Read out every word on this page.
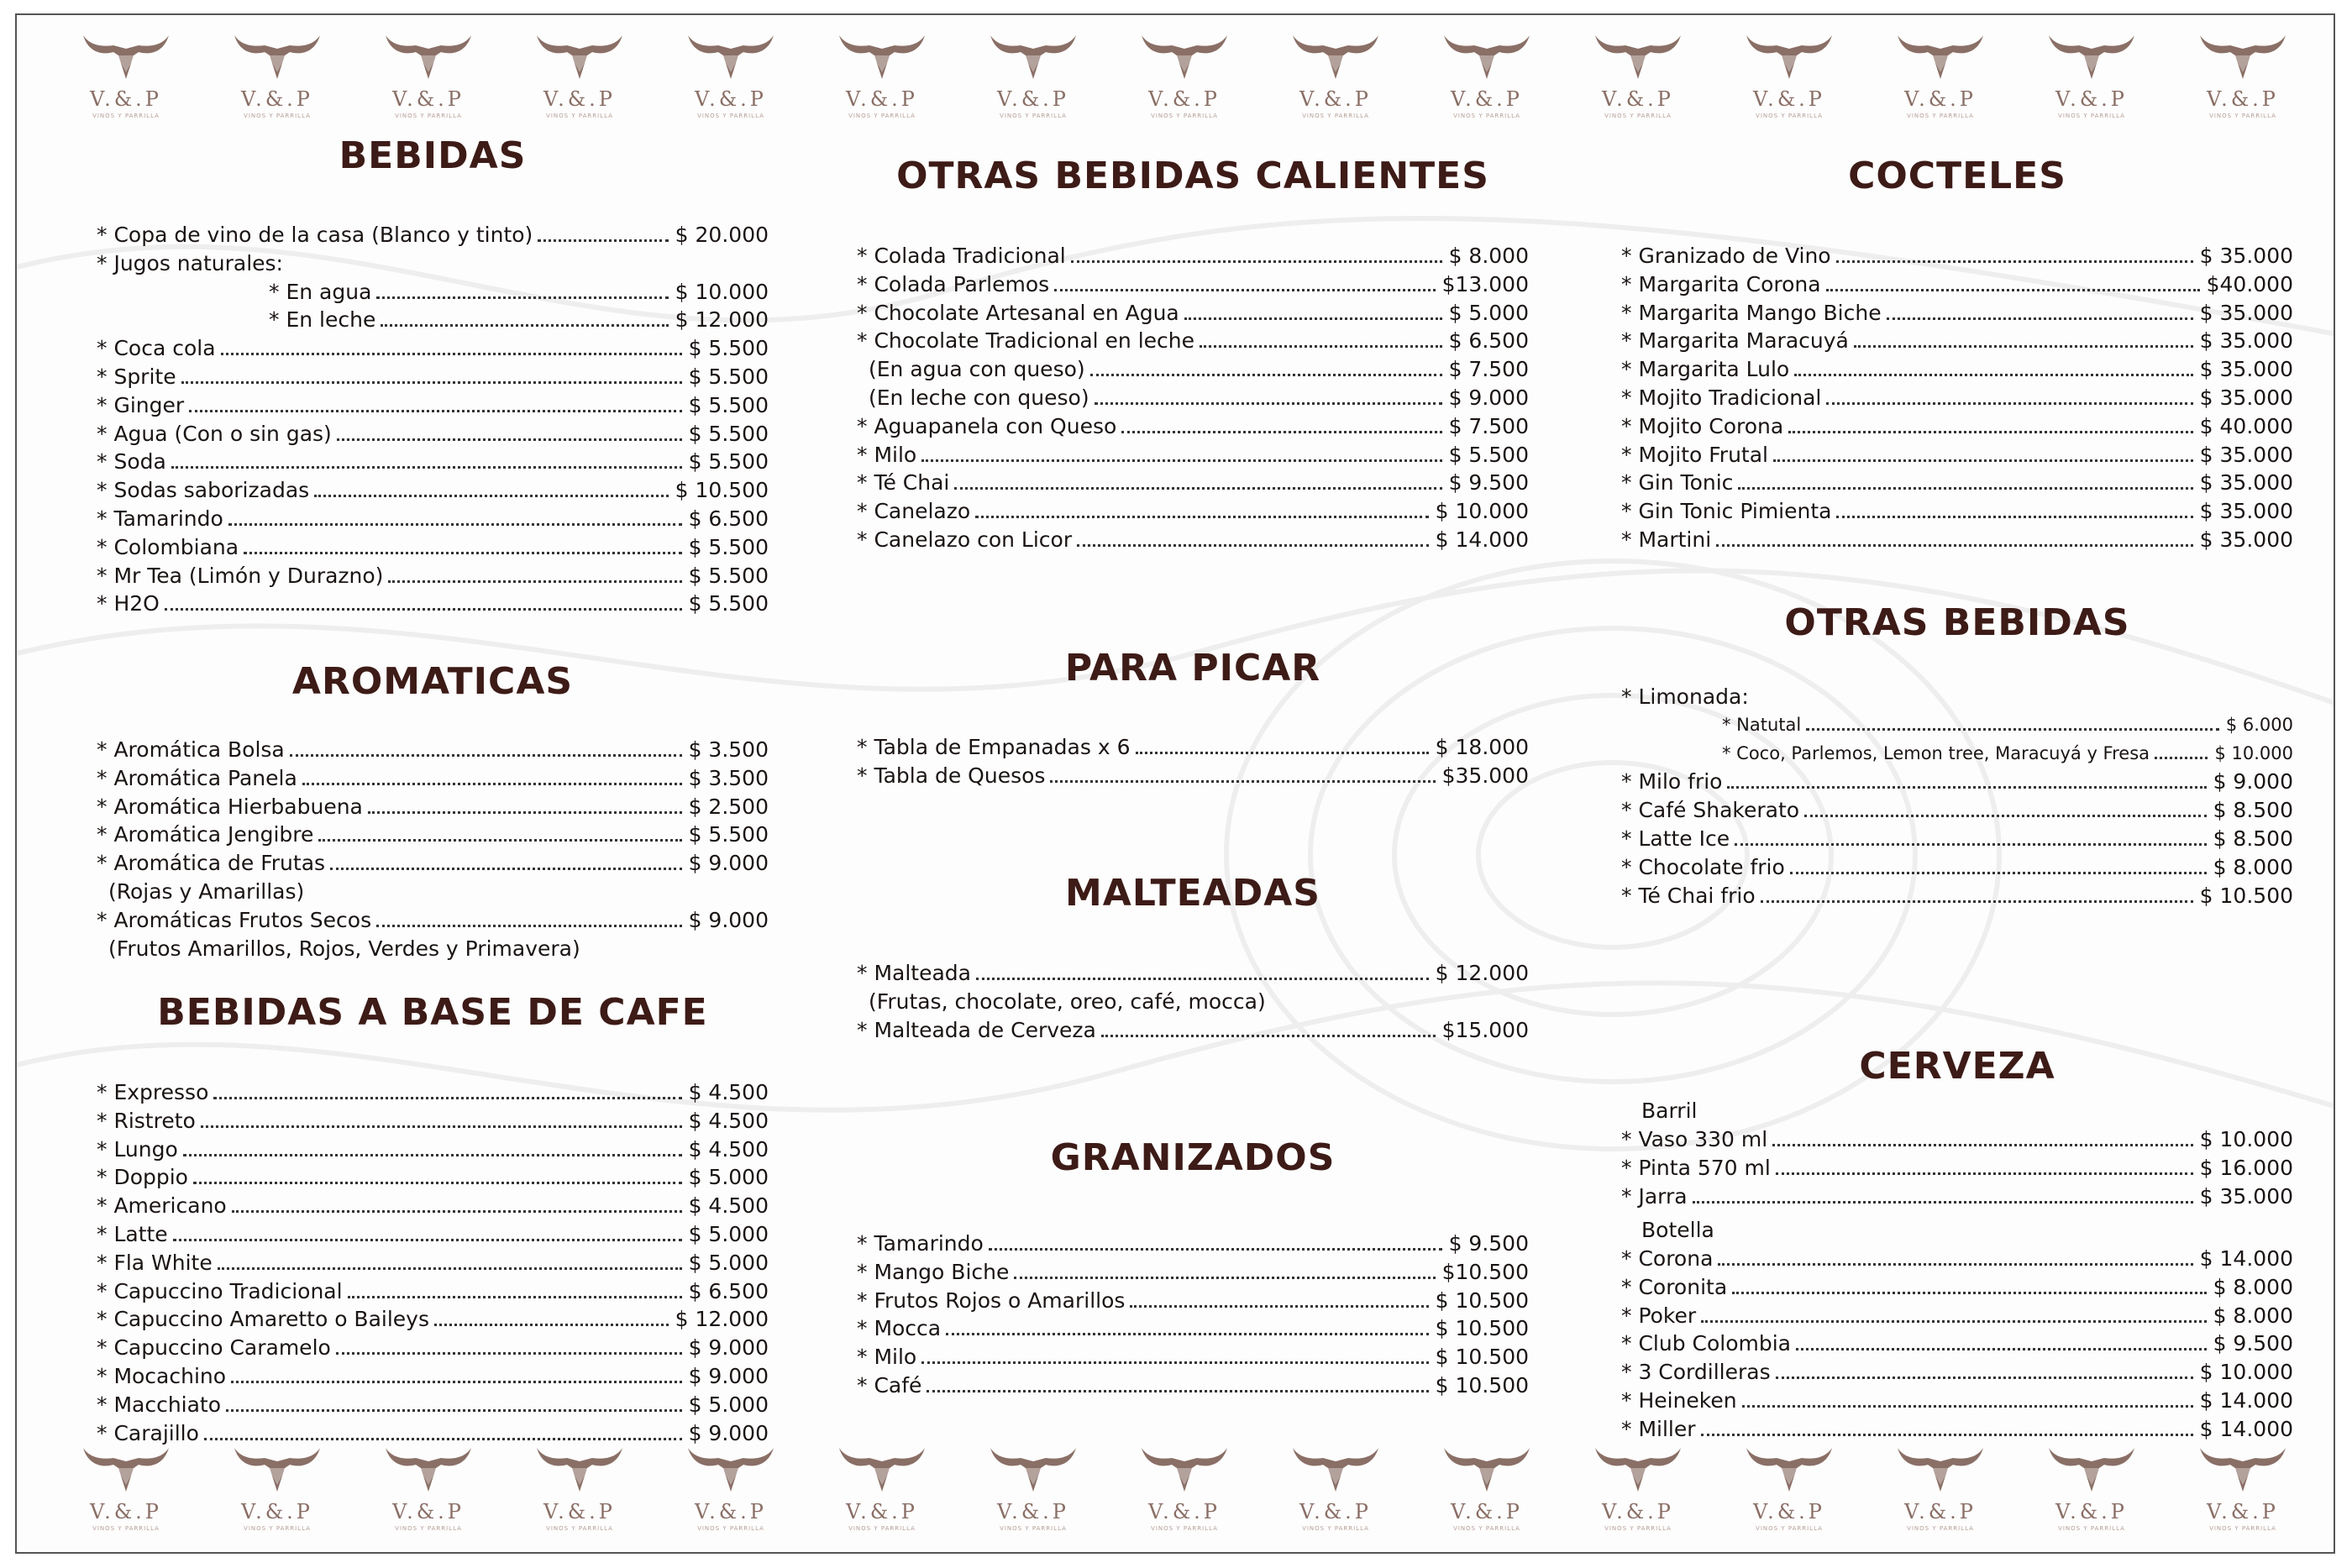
V.&.P
VINOS Y PARRILLA
V.&.P
VINOS Y PARRILLA
V.&.P
VINOS Y PARRILLA
V.&.P
VINOS Y PARRILLA
V.&.P
VINOS Y PARRILLA
V.&.P
VINOS Y PARRILLA
V.&.P
VINOS Y PARRILLA
V.&.P
VINOS Y PARRILLA
V.&.P
VINOS Y PARRILLA
V.&.P
VINOS Y PARRILLA
V.&.P
VINOS Y PARRILLA
V.&.P
VINOS Y PARRILLA
V.&.P
VINOS Y PARRILLA
V.&.P
VINOS Y PARRILLA
V.&.P
VINOS Y PARRILLA
V.&.P
VINOS Y PARRILLA
V.&.P
VINOS Y PARRILLA
V.&.P
VINOS Y PARRILLA
V.&.P
VINOS Y PARRILLA
V.&.P
VINOS Y PARRILLA
V.&.P
VINOS Y PARRILLA
V.&.P
VINOS Y PARRILLA
V.&.P
VINOS Y PARRILLA
V.&.P
VINOS Y PARRILLA
V.&.P
VINOS Y PARRILLA
V.&.P
VINOS Y PARRILLA
V.&.P
VINOS Y PARRILLA
V.&.P
VINOS Y PARRILLA
V.&.P
VINOS Y PARRILLA
V.&.P
VINOS Y PARRILLA
BEBIDAS
* Copa de vino de la casa (Blanco y tinto)	$ 20.000
* Jugos naturales:
* En agua	$ 10.000
* En leche	$ 12.000
* Coca cola	$ 5.500
* Sprite	$ 5.500
* Ginger	$ 5.500
* Agua (Con o sin gas)	$ 5.500
* Soda	$ 5.500
* Sodas saborizadas	$ 10.500
* Tamarindo	$ 6.500
* Colombiana	$ 5.500
* Mr Tea (Limón y Durazno)	$ 5.500
* H2O	$ 5.500
AROMATICAS
* Aromática Bolsa	$ 3.500
* Aromática Panela	$ 3.500
* Aromática Hierbabuena	$ 2.500
* Aromática Jengibre	$ 5.500
* Aromática de Frutas	$ 9.000
(Rojas y Amarillas)
* Aromáticas Frutos Secos	$ 9.000
(Frutos Amarillos, Rojos, Verdes y Primavera)
BEBIDAS A BASE DE CAFE
* Expresso	$ 4.500
* Ristreto	$ 4.500
* Lungo	$ 4.500
* Doppio	$ 5.000
* Americano	$ 4.500
* Latte	$ 5.000
* Fla White	$ 5.000
* Capuccino Tradicional	$ 6.500
* Capuccino Amaretto o Baileys	$ 12.000
* Capuccino Caramelo	$ 9.000
* Mocachino	$ 9.000
* Macchiato	$ 5.000
* Carajillo	$ 9.000
OTRAS BEBIDAS CALIENTES
* Colada Tradicional	$ 8.000
* Colada Parlemos	$13.000
* Chocolate Artesanal en Agua	$ 5.000
* Chocolate Tradicional en leche	$ 6.500
(En agua con queso)	$ 7.500
(En leche con queso)	$ 9.000
* Aguapanela con Queso	$ 7.500
* Milo	$ 5.500
* Té Chai	$ 9.500
* Canelazo	$ 10.000
* Canelazo con Licor	$ 14.000
PARA PICAR
* Tabla de Empanadas x 6	$ 18.000
* Tabla de Quesos	$35.000
MALTEADAS
* Malteada	$ 12.000
(Frutas, chocolate, oreo, café, mocca)
* Malteada de Cerveza	$15.000
GRANIZADOS
* Tamarindo	$ 9.500
* Mango Biche	$10.500
* Frutos Rojos o Amarillos	$ 10.500
* Mocca	$ 10.500
* Milo	$ 10.500
* Café	$ 10.500
COCTELES
* Granizado de Vino	$ 35.000
* Margarita Corona	$40.000
* Margarita Mango Biche	$ 35.000
* Margarita Maracuyá	$ 35.000
* Margarita Lulo	$ 35.000
* Mojito Tradicional	$ 35.000
* Mojito Corona	$ 40.000
* Mojito Frutal	$ 35.000
* Gin Tonic	$ 35.000
* Gin Tonic Pimienta	$ 35.000
* Martini	$ 35.000
OTRAS BEBIDAS
* Limonada:
* Natutal	$ 6.000
* Coco, Parlemos, Lemon tree, Maracuyá y Fresa	$ 10.000
* Milo frio	$ 9.000
* Café Shakerato	$ 8.500
* Latte Ice	$ 8.500
* Chocolate frio	$ 8.000
* Té Chai frio	$ 10.500
CERVEZA
Barril
* Vaso 330 ml	$ 10.000
* Pinta 570 ml	$ 16.000
* Jarra	$ 35.000
Botella
* Corona	$ 14.000
* Coronita	$ 8.000
* Poker	$ 8.000
* Club Colombia	$ 9.500
* 3 Cordilleras	$ 10.000
* Heineken	$ 14.000
* Miller	$ 14.000
